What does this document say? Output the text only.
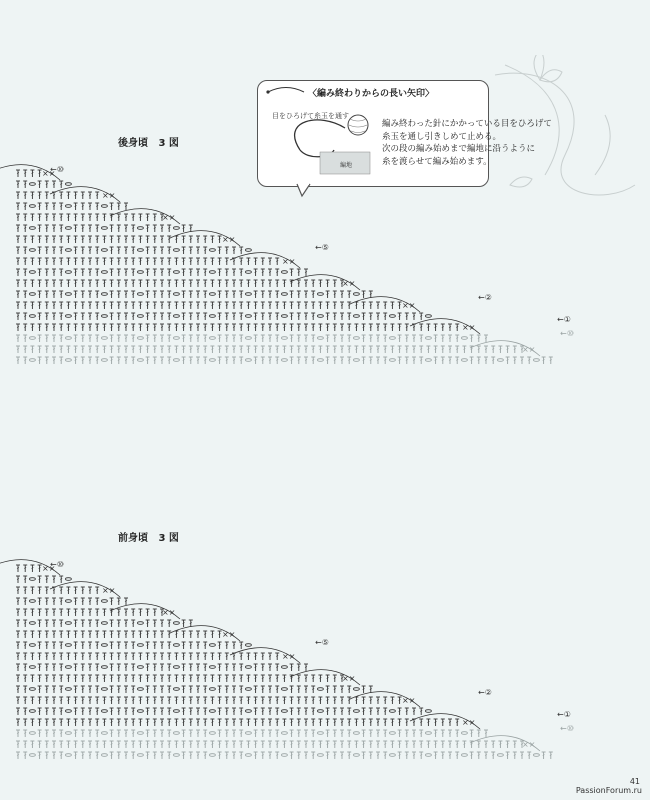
〈編み終わりからの長い矢印〉
目をひろげて糸玉を通す
編地
編み終わった針にかかっている目をひろげて
糸玉を通し引きしめて止める。
次の段の編み始めまで編地に沿うように
糸を渡らせて編み始めます。
後身頃 3 図
前身頃 3 図
××
××
××
××
××
××
××
××
××
←⑩
←⑤
←②
←①
←⑩
××
××
××
××
××
××
××
××
××
←⑩
←⑤
←②
←①
←⑩
41
PassionForum.ru
